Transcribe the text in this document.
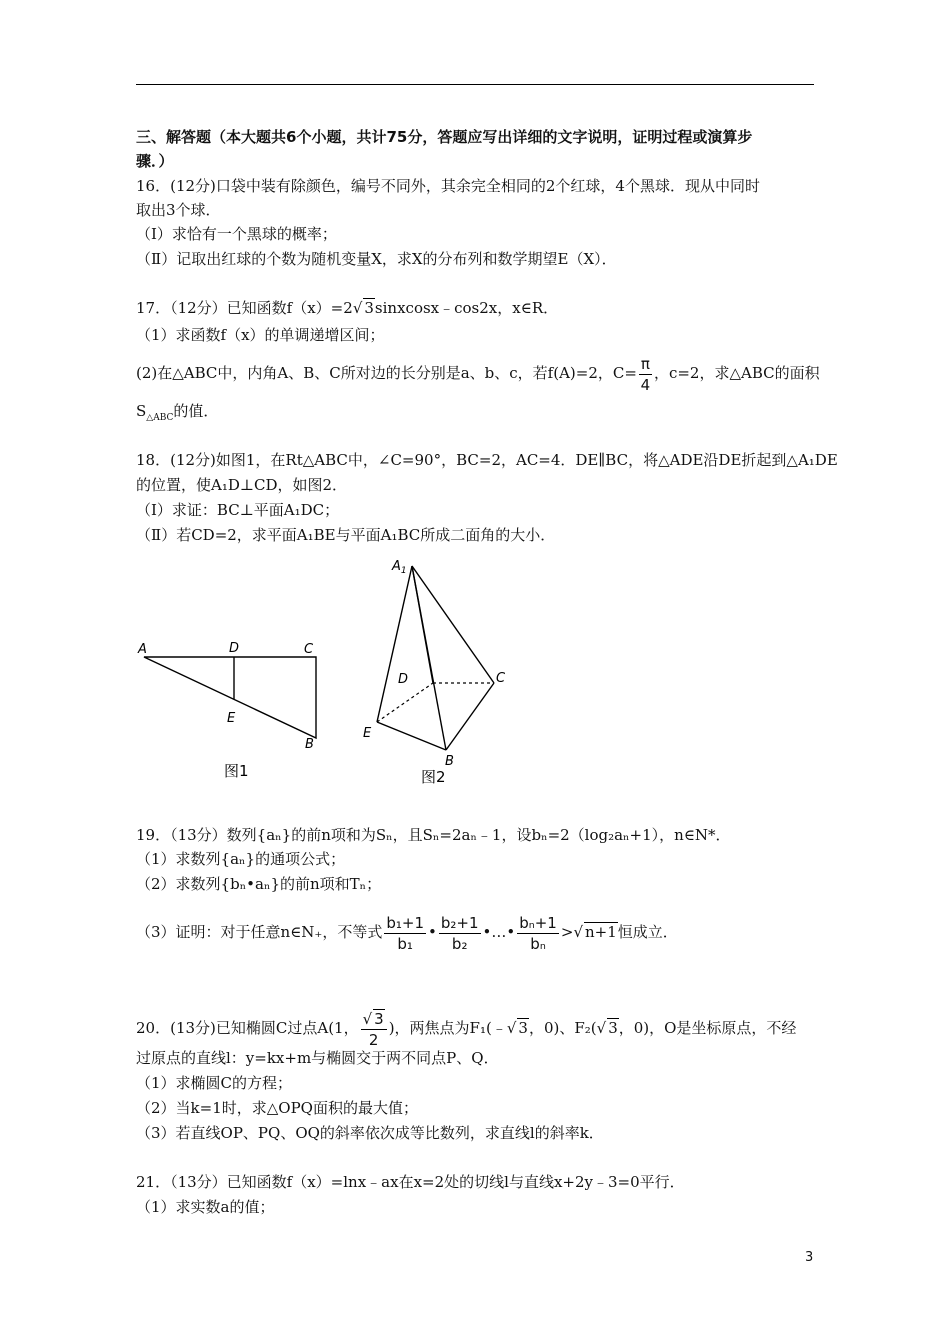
三、解答题（本大题共6个小题，共计75分，答题应写出详细的文字说明，证明过程或演算步
骤．）
16．(12分)口袋中装有除颜色，编号不同外，其余完全相同的2个红球，4个黑球．现从中同时
取出3个球．
（Ⅰ）求恰有一个黑球的概率；
（Ⅱ）记取出红球的个数为随机变量X，求X的分布列和数学期望E（X）．
17．（12分）已知函数f（x）=2√ 3sinxcosx﹣cos2x，x∈R．
（1）求函数f（x）的单调递增区间；
(2)在△ABC中，内角A、B、C所对边的长分别是a、b、c，若f(A)=2，$C= \frac{\pi}{4}$ ，c=2，求△ABC的面积
$S_{\triangle ABC}$的值．
18．(12分)如图1，在Rt△ABC中，∠C=90°，BC=2，AC=4．DE∥BC，将△ADE沿DE折起到△A₁DE
的位置，使A₁D⊥CD，如图2．
（Ⅰ）求证：BC⊥平面A₁DC；
（Ⅱ）若CD=2，求平面A₁BE与平面A₁BC所成二面角的大小．
A	D	C
E
B
图1
$A_1$
D	C
E
B
图2
19．（13分）数列{aₙ}的前n项和为Sₙ，且Sₙ=2aₙ﹣1，设bₙ=2（log₂aₙ+1），n∈N*．
（1）求数列{aₙ}的通项公式；
（2）求数列{bₙ•aₙ}的前n项和Tₙ；
（3）证明：对于任意n∈N₊，不等式 $\frac{\text{b₁+1}}{\text{b₁}}$ • $\frac{\text{b₂+1}}{\text{b₂}}$ •…• $\frac{\text{bₙ+1}}{\text{bₙ}}$ >√ n+1恒成立．
20．(13分)已知椭圆C过点A(1， $\frac{√ 3}{2}$ )，两焦点为F₁(﹣√ 3，0)、F₂(√ 3，0)，O是坐标原点，不经
过原点的直线l：y=kx+m与椭圆交于两不同点P、Q．
（1）求椭圆C的方程；
（2）当k=1时，求△OPQ面积的最大值；
（3）若直线OP、PQ、OQ的斜率依次成等比数列，求直线l的斜率k．
21．（13分）已知函数f（x）=lnx﹣ax在x=2处的切线l与直线x+2y﹣3=0平行．
（1）求实数a的值；
3
